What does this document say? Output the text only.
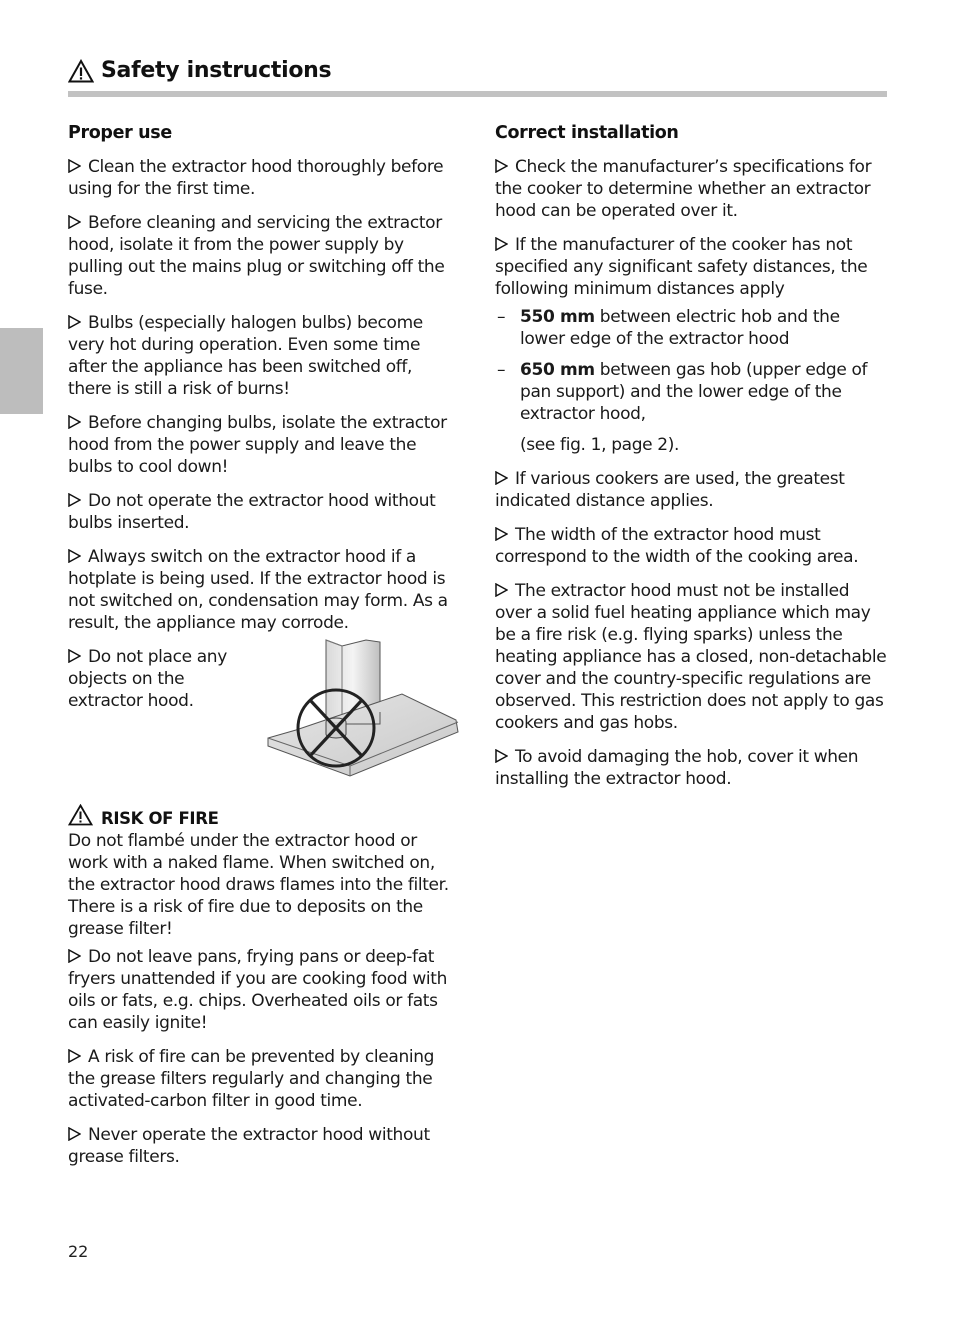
Safety instructions
Proper use
Clean the extractor hood thoroughly before using for the first time.
Before cleaning and servicing the extractor hood, isolate it from the power supply by pulling out the mains plug or switching off the fuse.
Bulbs (especially halogen bulbs) become very hot during operation. Even some time after the appliance has been switched off, there is still a risk of burns!
Before changing bulbs, isolate the extractor hood from the power supply and leave the bulbs to cool down!
Do not operate the extractor hood without bulbs inserted.
Always switch on the extractor hood if a hotplate is being used. If the extractor hood is not switched on, condensation may form. As a result, the appliance may corrode.
Do not place any objects on the extractor hood.
RISK OF FIRE
Do not flambé under the extractor hood or work with a naked flame. When switched on, the extractor hood draws flames into the filter. There is a risk of fire due to deposits on the grease filter!
Do not leave pans, frying pans or deep-fat fryers unattended if you are cooking food with oils or fats, e.g. chips. Overheated oils or fats can easily ignite!
A risk of fire can be prevented by cleaning the grease filters regularly and changing the activated-carbon filter in good time.
Never operate the extractor hood without grease filters.
Correct installation
Check the manufacturer’s specifications for the cooker to determine whether an extractor hood can be operated over it.
If the manufacturer of the cooker has not specified any significant safety distances, the following minimum distances apply
– 550 mm between electric hob and the lower edge of the extractor hood
– 650 mm between gas hob (upper edge of pan support) and the lower edge of the extractor hood,
(see fig. 1, page 2).
If various cookers are used, the greatest indicated distance applies.
The width of the extractor hood must correspond to the width of the cooking area.
The extractor hood must not be installed over a solid fuel heating appliance which may be a fire risk (e.g. flying sparks) unless the heating appliance has a closed, non-detachable cover and the country-specific regulations are observed. This restriction does not apply to gas cookers and gas hobs.
To avoid damaging the hob, cover it when installing the extractor hood.
22
